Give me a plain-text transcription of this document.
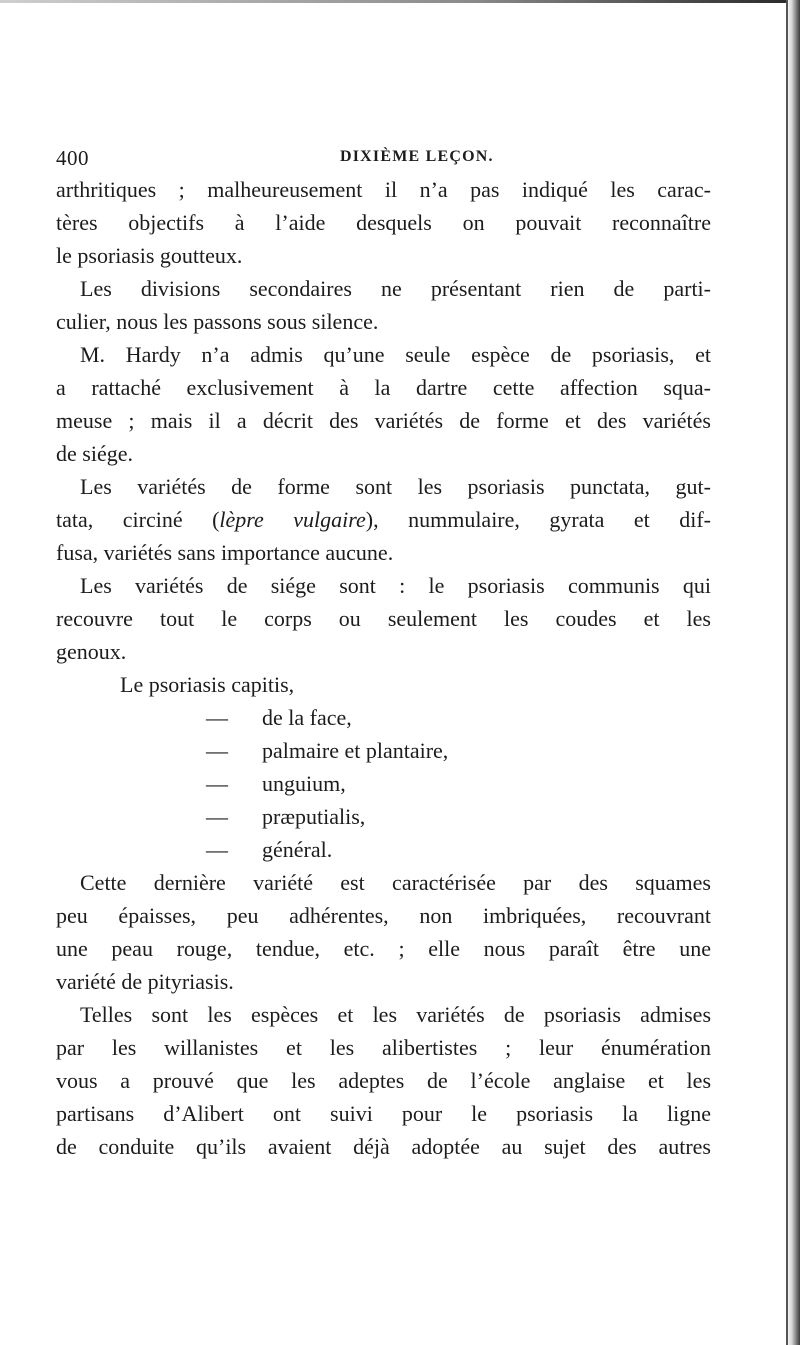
400	DIXIÈME LEÇON.
arthritiques ; malheureusement il n’a pas indiqué les carac-
tères objectifs à l’aide desquels on pouvait reconnaître
le psoriasis goutteux.
Les divisions secondaires ne présentant rien de parti-
culier, nous les passons sous silence.
M. Hardy n’a admis qu’une seule espèce de psoriasis, et
a rattaché exclusivement à la dartre cette affection squa-
meuse ; mais il a décrit des variétés de forme et des variétés
de siége.
Les variétés de forme sont les psoriasis punctata, gut-
tata, circiné (lèpre vulgaire), nummulaire, gyrata et dif-
fusa, variétés sans importance aucune.
Les variétés de siége sont : le psoriasis communis qui
recouvre tout le corps ou seulement les coudes et les
genoux.
Le psoriasis capitis,
—	de la face,
—	palmaire et plantaire,
—	unguium,
—	præputialis,
—	général.
Cette dernière variété est caractérisée par des squames
peu épaisses, peu adhérentes, non imbriquées, recouvrant
une peau rouge, tendue, etc. ; elle nous paraît être une
variété de pityriasis.
Telles sont les espèces et les variétés de psoriasis admises
par les willanistes et les alibertistes ; leur énumération
vous a prouvé que les adeptes de l’école anglaise et les
partisans d’Alibert ont suivi pour le psoriasis la ligne
de conduite qu’ils avaient déjà adoptée au sujet des autres
